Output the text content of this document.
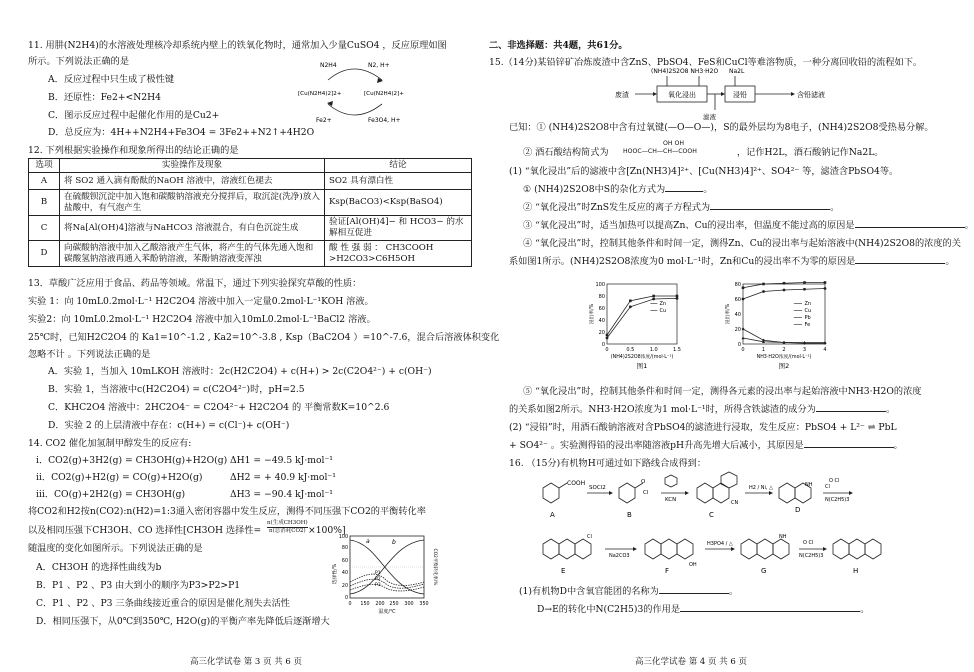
11. 用肼(N2H4)的水溶液处理核冷却系统内壁上的铁氧化物时，通常加入少量CuSO4 ，反应原理如图
所示。下列说法正确的是
A．反应过程中只生成了极性键
B．还原性：Fe2+<N2H4
C．图示反应过程中起催化作用的是Cu2+
D．总反应为：4H++N2H4+Fe3O4 = 3Fe2++N2↑+4H2O
N2H4	N2, H+
[Cu(N2H4)2]2+	[Cu(N2H4)2]+
Fe2+	Fe3O4, H+
12. 下列根据实验操作和现象所得出的结论正确的是
选项	实验操作及现象	结论
A	将 SO2 通入滴有酚酞的NaOH 溶液中，溶液红色褪去	SO2 具有漂白性
B	在硫酸钡沉淀中加入饱和碳酸钠溶液充分搅拌后，取沉淀(洗净)放入盐酸中，有气泡产生	Ksp(BaCO3)<Ksp(BaSO4)
C	将Na[Al(OH)4]溶液与NaHCO3 溶液混合，有白色沉淀生成	验证[Al(OH)4]− 和 HCO3− 的水解相互促进
D	向碳酸钠溶液中加入乙酸溶液产生气体，将产生的气体先通入饱和碳酸氢钠溶液再通入苯酚钠溶液，苯酚钠溶液变浑浊	酸 性 强 弱 ： CH3COOH >H2CO3>C6H5OH
13．草酸广泛应用于食品、药品等领域。常温下，通过下列实验探究草酸的性质：
实验 1：向 10mL0.2mol·L⁻¹ H2C2O4 溶液中加入一定量0.2mol·L⁻¹KOH 溶液。
实验2：向 10mL0.2mol·L⁻¹ H2C2O4 溶液中加入10mL0.2mol·L⁻¹BaCl2 溶液。
25℃时，已知H2C2O4 的 Ka1=10^-1.2 , Ka2=10^-3.8 , Ksp（BaC2O4 ）=10^-7.6，混合后溶液体积变化
忽略不计 。下列说法正确的是
A．实验 1，当加入 10mLKOH 溶液时：2c(H2C2O4) + c(H+) > 2c(C2O4²⁻) + c(OH⁻)
B．实验 1，当溶液中c(H2C2O4) = c(C2O4²⁻)时，pH=2.5
C．KHC2O4 溶液中：2HC2O4⁻ = C2O4²⁻+ H2C2O4 的 平衡常数K=10^2.6
D．实验 2 的上层清液中存在：c(H+) = c(Cl⁻)+ c(OH⁻)
14. CO2 催化加氢制甲醇发生的反应有:
ⅰ．CO2(g)+3H2(g) = CH3OH(g)+H2O(g) ΔH1 = −49.5 kJ·mol⁻¹
ⅱ．CO2(g)+H2(g) = CO(g)+H2O(g)	ΔH2 = + 40.9 kJ·mol⁻¹
ⅲ．CO(g)+2H2(g) = CH3OH(g)	ΔH3 = −90.4 kJ·mol⁻¹
将CO2和H2按n(CO2):n(H2)=1:3通入密闭容器中发生反应，测得不同压强下CO2的平衡转化率
以及相同压强下CH3OH、CO 选择性[CH3OH 选择性=
n(生成CH3OH)
n(总消耗CO2) ×100%]
随温度的变化如图所示。下列说法正确的是
A．CH3OH 的选择性曲线为b
B．P1 、P2 、P3 由大到小的顺序为P3>P2>P1
C．P1 、P2 、P3 三条曲线接近重合的原因是催化剂失去活性
D．相同压强下，从0℃到350℃, H2O(g)的平衡产率先降低后逐渐增大
a	b
P1
P2
P3
0
20
40
60
80
100
0 150 200 250 300 350
温度/℃
选择性/%	CO2平衡转化率/%
高三化学试卷 第 3 页 共 6 页
二、非选择题：共4题，共61分。
15.（14分)某铅锌矿冶炼废渣中含ZnS、PbSO4、FeS和CuCl等难溶物质，一种分离回收铅的流程如下。
(NH4)2S2O8 NH3·H2O Na2L
废渣	氧化浸出	浸铅	含铅滤液
滤液
已知：① (NH4)2S2O8中含有过氧键(—O—O—)，S的最外层均为8电子，(NH4)2S2O8受热易分解。
② 酒石酸结构简式为
OH OH
HOOC—CH—CH—COOH	，记作H2L，酒石酸钠记作Na2L。
(1) “氧化浸出”后的滤液中含[Zn(NH3)4]²⁺、[Cu(NH3)4]²⁺、SO4²⁻ 等，滤渣含PbSO4等。
① (NH4)2S2O8中S的杂化方式为	。
② “氧化浸出”时ZnS发生反应的离子方程式为	。
③ “氧化浸出”时，适当加热可以提高Zn、Cu的浸出率，但温度不能过高的原因是	。
④ “氧化浸出”时，控制其他条件和时间一定，测得Zn、Cu的浸出率与起始溶液中(NH4)2S2O8的浓度的关
系如图1所示。(NH4)2S2O8浓度为0 mol·L⁻¹时，Zn和Cu的浸出率不为零的原因是	。
0
20
40
60
80
100
0	0.5	1.0	1.5
(NH4)2S2O8浓度/(mol·L⁻¹)
浸出率/%	Zn
Cu
图1
0
20
40
60
80
0	1	2	3	4
NH3·H2O浓度/(mol·L⁻¹)
浸出率/%	Zn
Cu
Pb
Fe
图2
⑤ “氧化浸出”时，控制其他条件和时间一定，测得各元素的浸出率与起始溶液中NH3·H2O的浓度
的关系如图2所示。NH3·H2O浓度为1 mol·L⁻¹时，所得含铁滤渣的成分为	。
(2) “浸铅”时，用酒石酸钠溶液对含PbSO4的滤渣进行浸取，发生反应：PbSO4 + L²⁻ ⇌ PbL
+ SO4²⁻ 。实验测得铅的浸出率随溶液pH升高先增大后减小，其原因是	。
16. （15分)有机物H可通过如下路线合成得到：
COOH
A
SOCl2
O
Cl
B
KCN	CN
C
H2 / Ni, △	NH
D
N(C2H5)3
O Cl
Cl
Cl
E
Na2CO3
OH
F
H3PO4 / △
NH
G
N(C2H5)3
O Cl
H
(1)有机物D中含氧官能团的名称为	。
D→E的转化中N(C2H5)3的作用是	。
高三化学试卷 第 4 页 共 6 页
